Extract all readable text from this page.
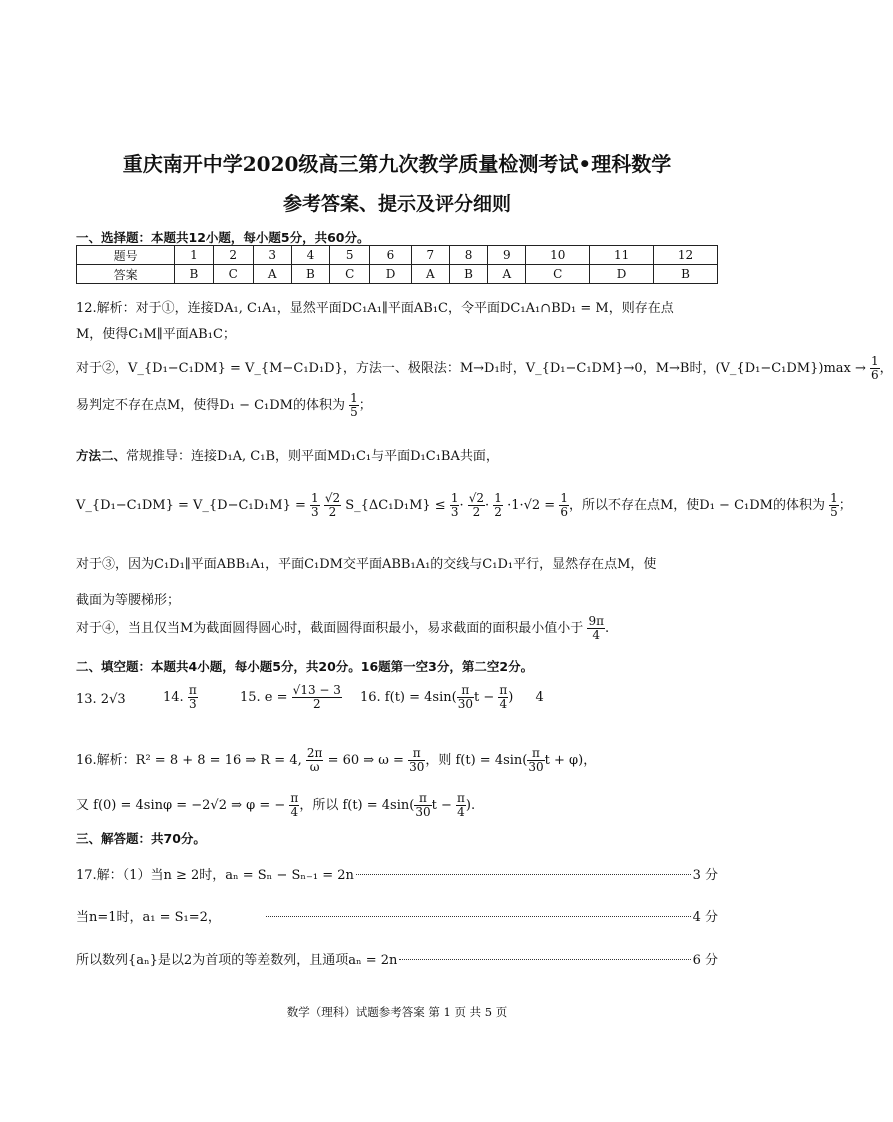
重庆南开中学2020级高三第九次教学质量检测考试•理科数学
参考答案、提示及评分细则
一、选择题：本题共12小题，每小题5分，共60分。
题号	1	2	3	4	5	6	7	8	9	10	11	12
答案	B	C	A	B	C	D	A	B	A	C	D	B
12.解析：对于①，连接DA₁, C₁A₁，显然平面DC₁A₁∥平面AB₁C，令平面DC₁A₁∩BD₁ = M，则存在点
M，使得C₁M∥平面AB₁C；
对于②，V_{D₁−C₁DM} = V_{M−C₁D₁D}，方法一、极限法：M→D₁时，V_{D₁−C₁DM}→0，M→B时，(V_{D₁−C₁DM})max → $\frac{1}{6}$ ，
易判定不存在点M，使得D₁ − C₁DM的体积为 $\frac{1}{5}$ ；
方法二、常规推导：连接D₁A, C₁B，则平面MD₁C₁与平面D₁C₁BA共面，
V_{D₁−C₁DM} = V_{D−C₁D₁M} = $\frac{1}{3}$
$\frac{√2}{2}$ S_{ΔC₁D₁M} ≤ $\frac{1}{3} \cdot \frac{√2}{2} \cdot \frac{1}{2} \cdot 1\cdot√2 = \frac{1}{6}$ ，所以不存在点M，使D₁ − C₁DM的体积为 $\frac{1}{5}$ ；
对于③，因为C₁D₁∥平面ABB₁A₁，平面C₁DM交平面ABB₁A₁的交线与C₁D₁平行，显然存在点M，使
截面为等腰梯形；
对于④，当且仅当M为截面圆得圆心时，截面圆得面积最小，易求截面的面积最小值小于 $\frac{9\pi}{4}$ .
二、填空题：本题共4小题，每小题5分，共20分。16题第一空3分，第二空2分。
13. 2√3	14. $\frac{\pi}{3}$	15. $e = \frac{√13 - 3}{2} 16$. $f(t) = 4\sin( \frac{\pi}{30}$ $t - \frac{\pi}{4}$ ) 4
16.解析：R² = 8 + 8 = 16 ⇒ R = 4, $\frac{2\pi}{\omega} = 60$ ⇒ $\omega = \frac{\pi}{30}$ ，则 $f(t) = 4\sin( \frac{\pi}{30}$ t + φ)，
又 f(0) = 4sinφ = −2√2 ⇒ φ = − $\frac{\pi}{4}$ ，所以 $f(t) = 4\sin( \frac{\pi}{30}$ $t - \frac{\pi}{4}$ ).
三、解答题：共70分。
17.解：（1）当n ≥ 2时，aₙ = Sₙ − Sₙ₋₁ = 2n	3 分
当n=1时，a₁ = S₁=2，	4 分
所以数列{aₙ}是以2为首项的等差数列，且通项aₙ = 2n	6 分
数学（理科）试题参考答案 第 1 页 共 5 页
